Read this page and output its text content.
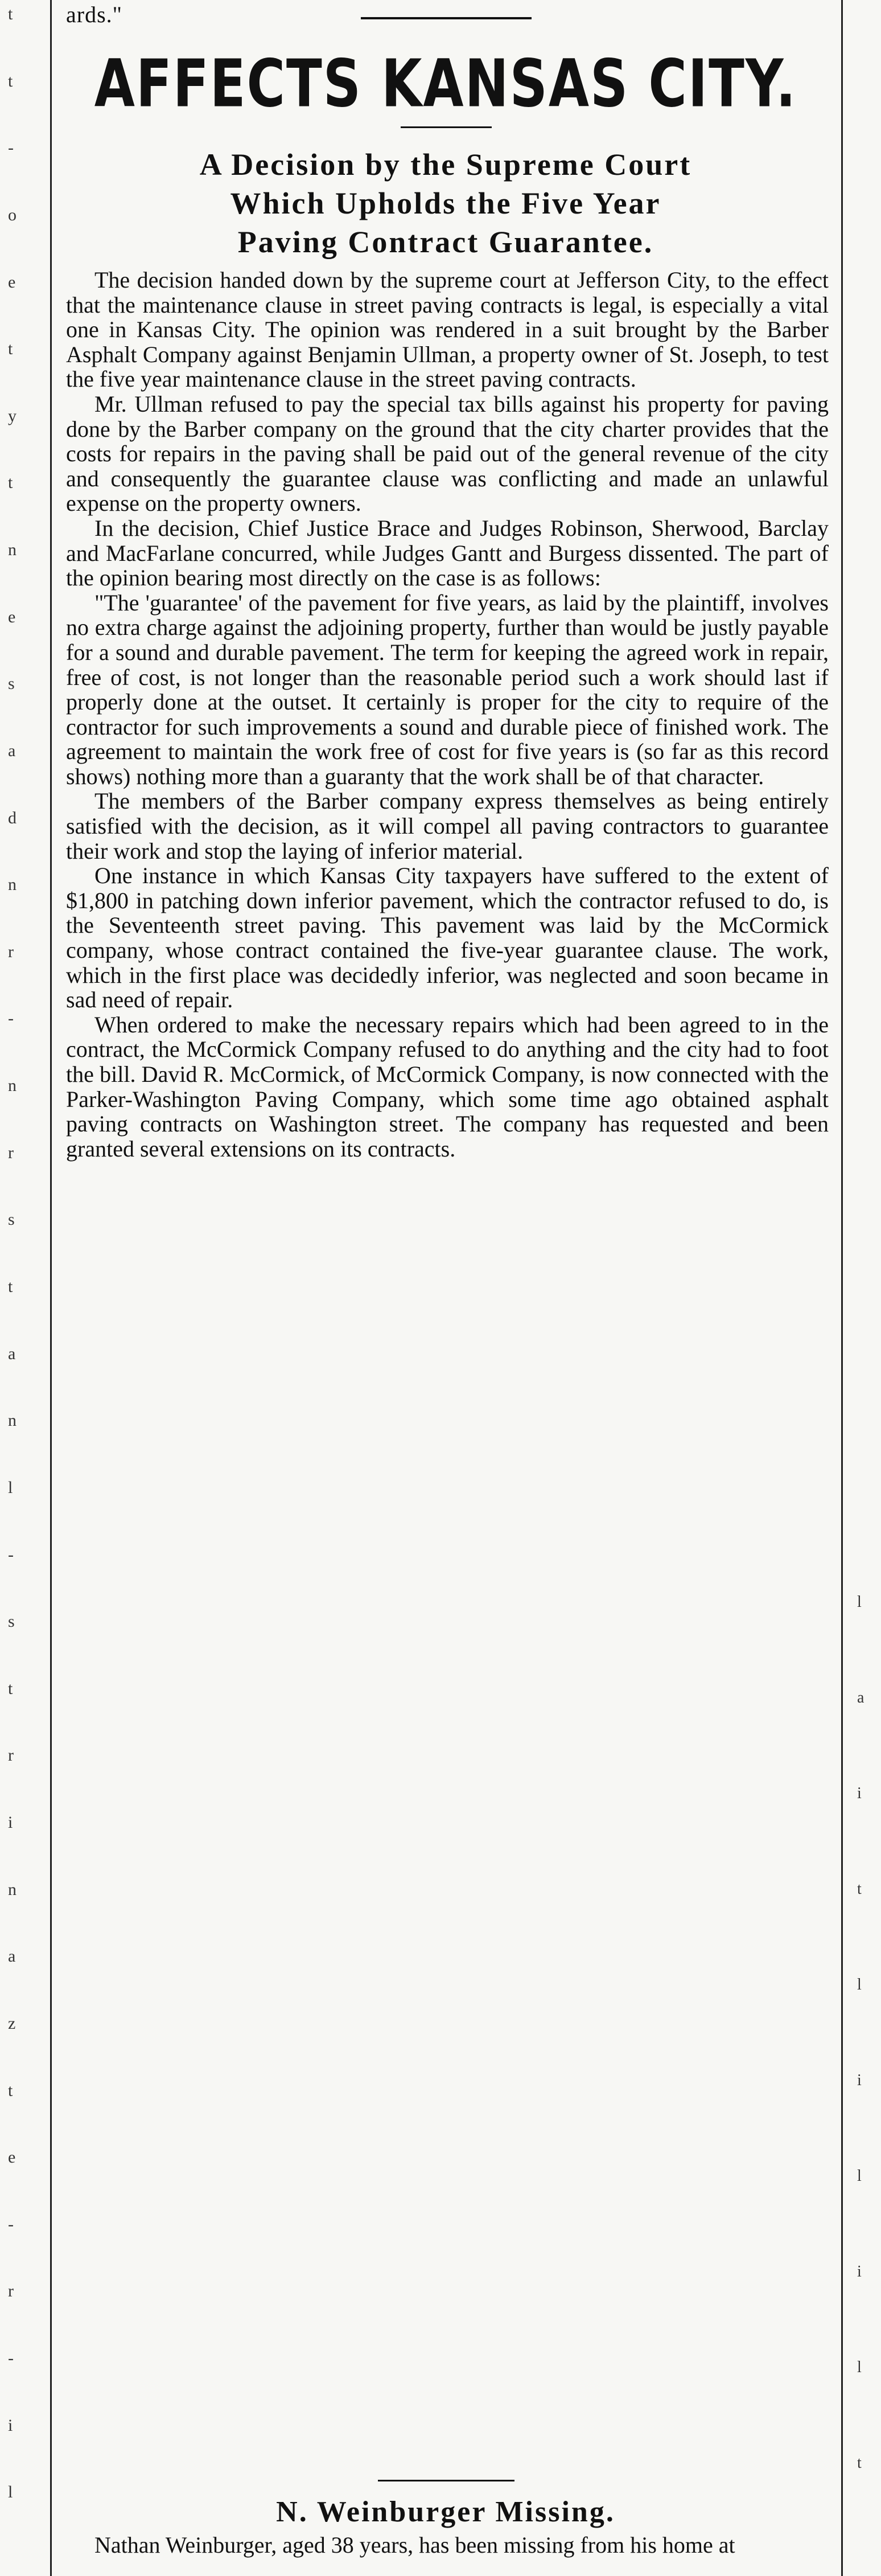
t
t
-
o
e
t
y
t
n
e
s
a
d
n
r
-
n
r
s
t
a
n
l
-
s
t
r
i
n
a
z
t
e
-
r
-
i
l
l
a
i
t
l
i
l
i
l
t
ards."
AFFECTS KANSAS CITY.
A Decision by the Supreme Court
Which Upholds the Five Year
Paving Contract Guarantee.

The decision handed down by the supreme court at Jefferson City, to the effect that the maintenance clause in street paving contracts is legal, is especially a vital one in Kansas City. The opinion was rendered in a suit brought by the Barber Asphalt Company against Benjamin Ullman, a property owner of St. Joseph, to test the five year maintenance clause in the street paving contracts.

Mr. Ullman refused to pay the special tax bills against his property for paving done by the Barber company on the ground that the city charter provides that the costs for repairs in the paving shall be paid out of the general revenue of the city and consequently the guarantee clause was conflicting and made an unlawful expense on the property owners.

In the decision, Chief Justice Brace and Judges Robinson, Sherwood, Barclay and MacFarlane concurred, while Judges Gantt and Burgess dissented. The part of the opinion bearing most directly on the case is as follows:

"The 'guarantee' of the pavement for five years, as laid by the plaintiff, involves no extra charge against the adjoining property, further than would be justly payable for a sound and durable pavement. The term for keeping the agreed work in repair, free of cost, is not longer than the reasonable period such a work should last if properly done at the outset. It certainly is proper for the city to require of the contractor for such improvements a sound and durable piece of finished work. The agreement to maintain the work free of cost for five years is (so far as this record shows) nothing more than a guaranty that the work shall be of that character.

The members of the Barber company express themselves as being entirely satisfied with the decision, as it will compel all paving contractors to guarantee their work and stop the laying of inferior material.

One instance in which Kansas City taxpayers have suffered to the extent of $1,800 in patching down inferior pavement, which the contractor refused to do, is the Seventeenth street paving. This pavement was laid by the McCormick company, whose contract contained the five-year guarantee clause. The work, which in the first place was decidedly inferior, was neglected and soon became in sad need of repair.

When ordered to make the necessary repairs which had been agreed to in the contract, the McCormick Company refused to do anything and the city had to foot the bill. David R. McCormick, of McCormick Company, is now connected with the Parker-Washington Paving Company, which some time ago obtained asphalt paving contracts on Washington street. The company has requested and been granted several extensions on its contracts.

N. Weinburger Missing.
Nathan Weinburger, aged 38 years, has been missing from his home at
